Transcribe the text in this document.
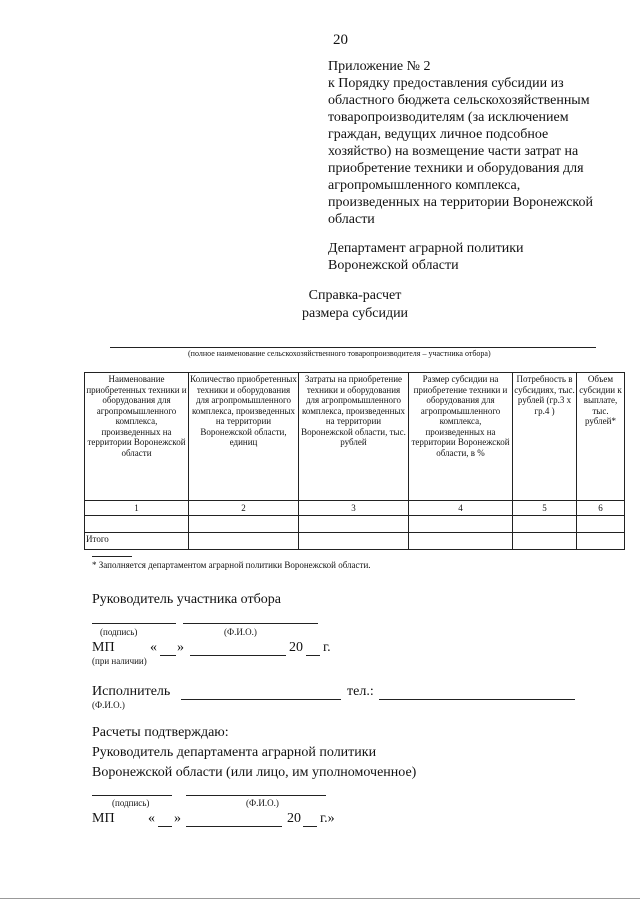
20
Приложение № 2
к Порядку предоставления субсидии из
областного бюджета сельскохозяйственным
товаропроизводителям (за исключением
граждан, ведущих личное подсобное
хозяйство) на возмещение части затрат на
приобретение техники и оборудования для
агропромышленного комплекса,
произведенных на территории Воронежской
области
Департамент аграрной политики
Воронежской области
Справка-расчет
размера субсидии
(полное наименование сельскохозяйственного товаропроизводителя – участника отбора)
Наименование приобретенных техники и оборудования для агропромышленного комплекса, произведенных на территории Воронежской области	Количество приобретенных техники и оборудования для агропромышленного комплекса, произведенных на территории Воронежской области, единиц	Затраты на приобретение техники и оборудования для агропромышленного комплекса, произведенных на территории Воронежской области, тыс. рублей	Размер субсидии на приобретение техники и оборудования для агропромышленного комплекса, произведенных на территории Воронежской области, в %	Потребность в субсидиях, тыс. рублей (гр.3 х гр.4 )	Объем субсидии к выплате, тыс. рублей*
1	2	3	4	5	6

Итого					
* Заполняется департаментом аграрной политики Воронежской области.
Руководитель участника отбора
(подпись)	(Ф.И.О.)
МП	« »	20 г.
(при наличии)
Исполнитель	тел.:
(Ф.И.О.)
Расчеты подтверждаю:
Руководитель департамента аграрной политики
Воронежской области (или лицо, им уполномоченное)
(подпись)	(Ф.И.О.)
МП « »	20 г.»
